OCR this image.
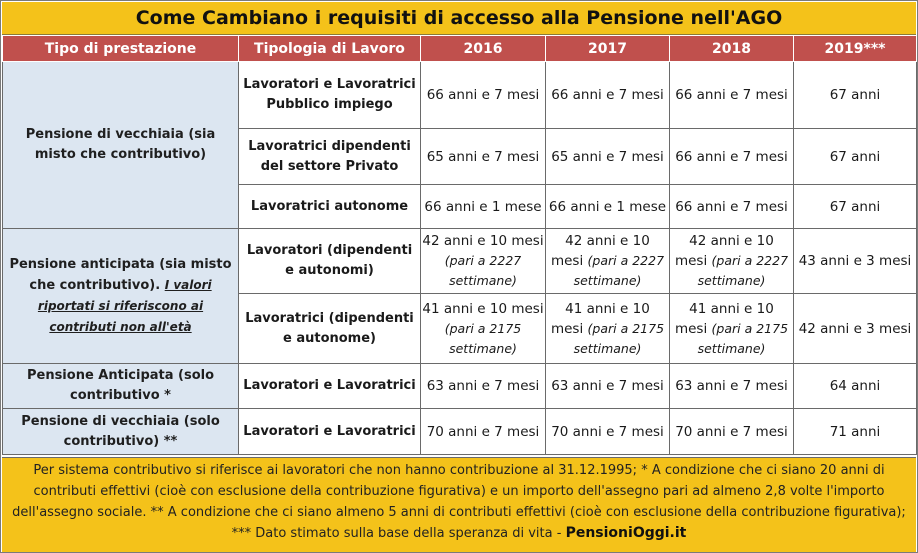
Come Cambiano i requisiti di accesso alla Pensione nell'AGO
Tipo di prestazione	Tipologia di Lavoro	2016	2017	2018	2019***
Pensione di vecchiaia (sia misto che contributivo)	Lavoratori e Lavoratrici Pubblico impiego	66 anni e 7 mesi	66 anni e 7 mesi	66 anni e 7 mesi	67 anni
	Lavoratrici dipendenti del settore Privato	65 anni e 7 mesi	65 anni e 7 mesi	66 anni e 7 mesi	67 anni
	Lavoratrici autonome	66 anni e 1 mese	66 anni e 1 mese	66 anni e 7 mesi	67 anni
Pensione anticipata (sia misto che contributivo). I valori riportati si riferiscono ai contributi non all'età	Lavoratori (dipendenti e autonomi)	42 anni e 10 mesi (pari a 2227 settimane)	42 anni e 10 mesi (pari a 2227 settimane)	42 anni e 10 mesi (pari a 2227 settimane)	43 anni e 3 mesi
	Lavoratrici (dipendenti e autonome)	41 anni e 10 mesi (pari a 2175 settimane)	41 anni e 10 mesi (pari a 2175 settimane)	41 anni e 10 mesi (pari a 2175 settimane)	42 anni e 3 mesi
Pensione Anticipata (solo contributivo *	Lavoratori e Lavoratrici	63 anni e 7 mesi	63 anni e 7 mesi	63 anni e 7 mesi	64 anni
Pensione di vecchiaia (solo contributivo) **	Lavoratori e Lavoratrici	70 anni e 7 mesi	70 anni e 7 mesi	70 anni e 7 mesi	71 anni
Per sistema contributivo si riferisce ai lavoratori che non hanno contribuzione al 31.12.1995; * A condizione che ci siano 20 anni di contributi effettivi (cioè con esclusione della contribuzione figurativa) e un importo dell'assegno pari ad almeno 2,8 volte l'importo dell'assegno sociale. ** A condizione che ci siano almeno 5 anni di contributi effettivi (cioè con esclusione della contribuzione figurativa); *** Dato stimato sulla base della speranza di vita - PensioniOggi.it
